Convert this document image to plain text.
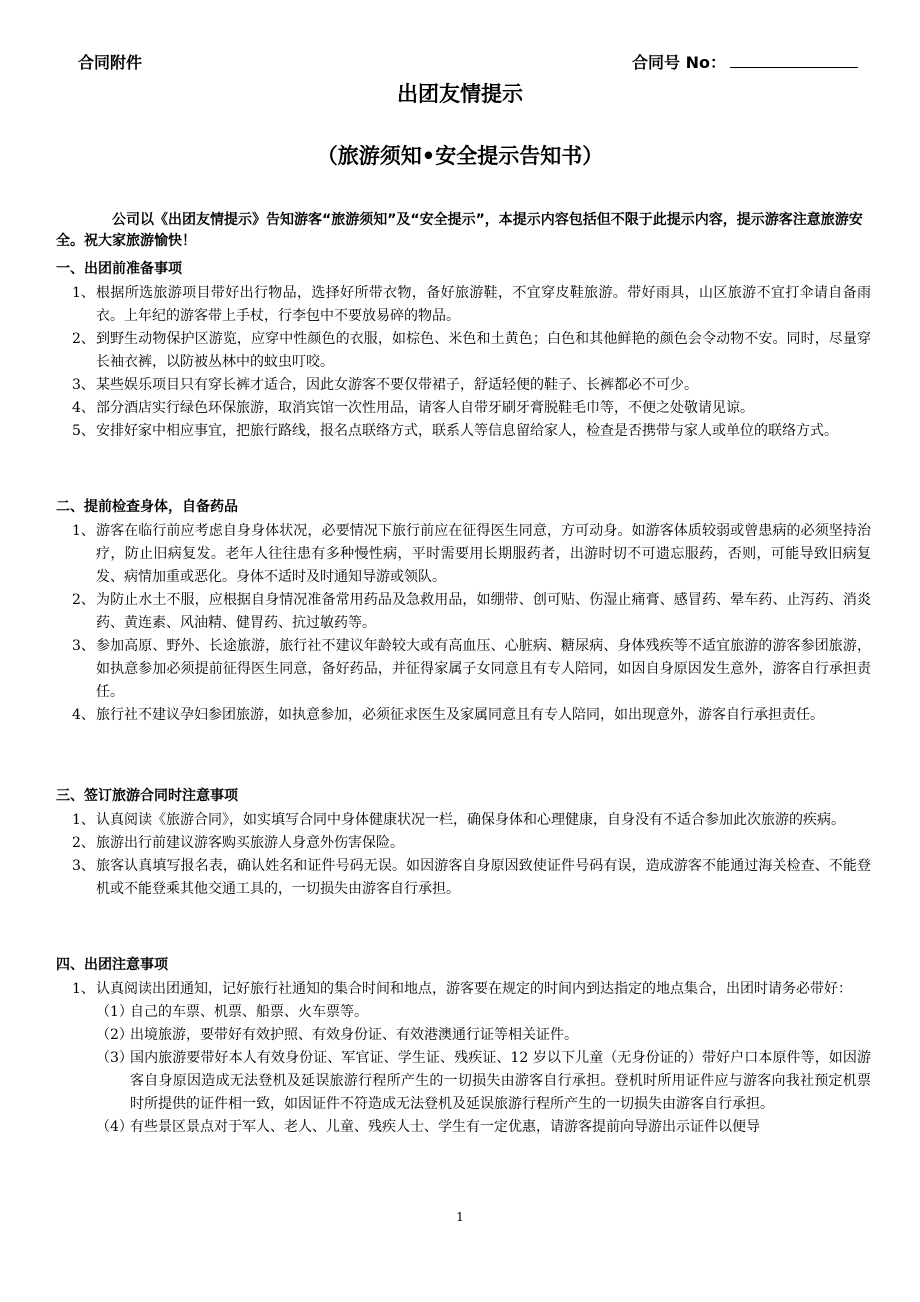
合同附件	合同号 No：
出团友情提示
（旅游须知•安全提示告知书）

公司以《出团友情提示》告知游客“旅游须知”及“安全提示”，本提示内容包括但不限于此提示内容，提示游客注意旅游安全。祝大家旅游愉快！

一、出团前准备事项

1、 根据所选旅游项目带好出行物品，选择好所带衣物，备好旅游鞋，不宜穿皮鞋旅游。带好雨具，山区旅游不宜打伞请自备雨衣。上年纪的游客带上手杖，行李包中不要放易碎的物品。

2、 到野生动物保护区游览，应穿中性颜色的衣服，如棕色、米色和土黄色；白色和其他鲜艳的颜色会令动物不安。同时，尽量穿长袖衣裤，以防被丛林中的蚊虫叮咬。

3、 某些娱乐项目只有穿长裤才适合，因此女游客不要仅带裙子，舒适轻便的鞋子、长裤都必不可少。

4、 部分酒店实行绿色环保旅游，取消宾馆一次性用品，请客人自带牙刷牙膏脱鞋毛巾等，不便之处敬请见谅。

5、 安排好家中相应事宜，把旅行路线，报名点联络方式，联系人等信息留给家人，检查是否携带与家人或单位的联络方式。

二、提前检查身体，自备药品

1、 游客在临行前应考虑自身身体状况，必要情况下旅行前应在征得医生同意，方可动身。如游客体质较弱或曾患病的必须坚持治疗，防止旧病复发。老年人往往患有多种慢性病，平时需要用长期服药者，出游时切不可遗忘服药，否则，可能导致旧病复发、病情加重或恶化。身体不适时及时通知导游或领队。

2、 为防止水土不服，应根据自身情况准备常用药品及急救用品，如绷带、创可贴、伤湿止痛膏、感冒药、晕车药、止泻药、消炎药、黄连素、风油精、健胃药、抗过敏药等。

3、 参加高原、野外、长途旅游，旅行社不建议年龄较大或有高血压、心脏病、糖尿病、身体残疾等不适宜旅游的游客参团旅游，如执意参加必须提前征得医生同意，备好药品，并征得家属子女同意且有专人陪同，如因自身原因发生意外，游客自行承担责任。

4、 旅行社不建议孕妇参团旅游，如执意参加，必须征求医生及家属同意且有专人陪同，如出现意外，游客自行承担责任。

三、签订旅游合同时注意事项

1、 认真阅读《旅游合同》，如实填写合同中身体健康状况一栏，确保身体和心理健康，自身没有不适合参加此次旅游的疾病。

2、 旅游出行前建议游客购买旅游人身意外伤害保险。

3、 旅客认真填写报名表，确认姓名和证件号码无误。如因游客自身原因致使证件号码有误，造成游客不能通过海关检查、不能登机或不能登乘其他交通工具的，一切损失由游客自行承担。

四、出团注意事项

1、 认真阅读出团通知，记好旅行社通知的集合时间和地点，游客要在规定的时间内到达指定的地点集合，出团时请务必带好：

（1）
自己的车票、机票、船票、火车票等。

（2）
出境旅游，要带好有效护照、有效身份证、有效港澳通行证等相关证件。

（3）
国内旅游要带好本人有效身份证、军官证、学生证、残疾证、12 岁以下儿童（无身份证的）带好户口本原件等，如因游客自身原因造成无法登机及延误旅游行程所产生的一切损失由游客自行承担。登机时所用证件应与游客向我社预定机票时所提供的证件相一致，如因证件不符造成无法登机及延误旅游行程所产生的一切损失由游客自行承担。

（4）
有些景区景点对于军人、老人、儿童、残疾人士、学生有一定优惠，请游客提前向导游出示证件以便导

1
